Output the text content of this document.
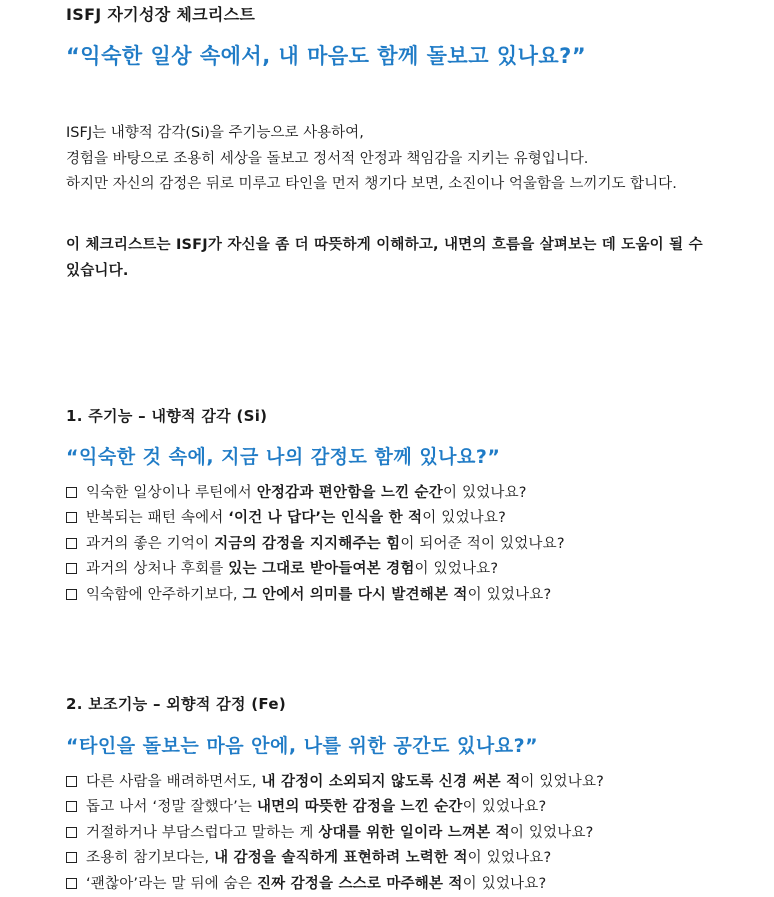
ISFJ 자기성장 체크리스트
“익숙한 일상 속에서, 내 마음도 함께 돌보고 있나요?”

ISFJ는 내향적 감각(Si)을 주기능으로 사용하여,

경험을 바탕으로 조용히 세상을 돌보고 정서적 안정과 책임감을 지키는 유형입니다.

하지만 자신의 감정은 뒤로 미루고 타인을 먼저 챙기다 보면, 소진이나 억울함을 느끼기도 합니다.

이 체크리스트는 ISFJ가 자신을 좀 더 따뜻하게 이해하고, 내면의 흐름을 살펴보는 데 도움이 될 수 있습니다.
1. 주기능 – 내향적 감각 (Si)
“익숙한 것 속에, 지금 나의 감정도 함께 있나요?”
익숙한 일상이나 루틴에서 안정감과 편안함을 느낀 순간이 있었나요?
반복되는 패턴 속에서 ‘이건 나 답다’는 인식을 한 적이 있었나요?
과거의 좋은 기억이 지금의 감정을 지지해주는 힘이 되어준 적이 있었나요?
과거의 상처나 후회를 있는 그대로 받아들여본 경험이 있었나요?
익숙함에 안주하기보다, 그 안에서 의미를 다시 발견해본 적이 있었나요?
2. 보조기능 – 외향적 감정 (Fe)
“타인을 돌보는 마음 안에, 나를 위한 공간도 있나요?”
다른 사람을 배려하면서도, 내 감정이 소외되지 않도록 신경 써본 적이 있었나요?
돕고 나서 ‘정말 잘했다’는 내면의 따뜻한 감정을 느낀 순간이 있었나요?
거절하거나 부담스럽다고 말하는 게 상대를 위한 일이라 느껴본 적이 있었나요?
조용히 참기보다는, 내 감정을 솔직하게 표현하려 노력한 적이 있었나요?
‘괜찮아’라는 말 뒤에 숨은 진짜 감정을 스스로 마주해본 적이 있었나요?
